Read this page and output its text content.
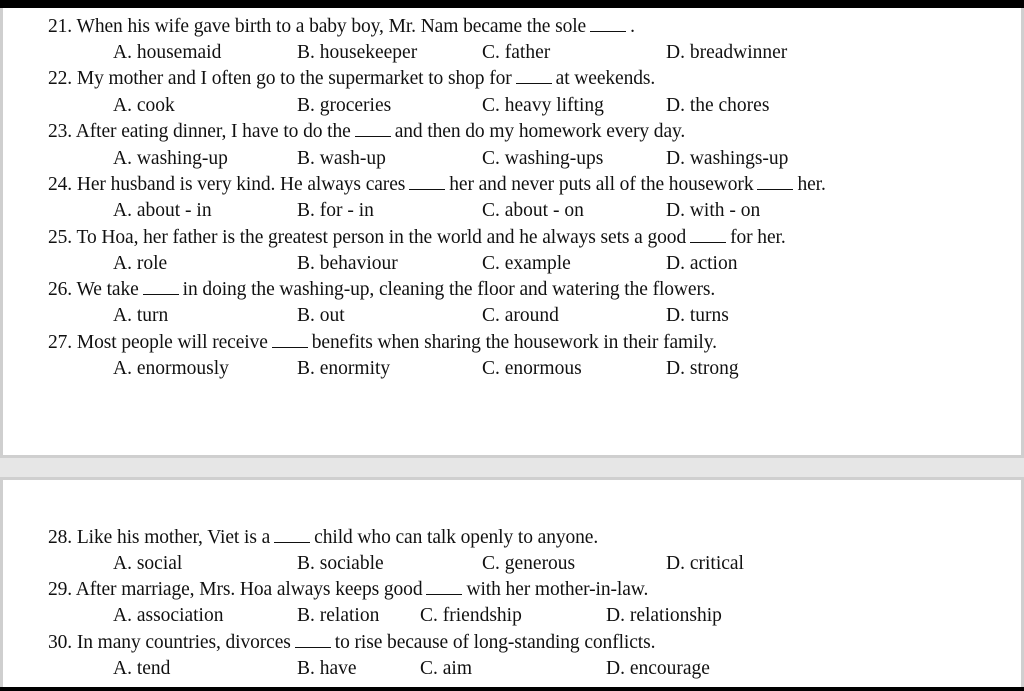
21. When his wife gave birth to a baby boy, Mr. Nam became the sole .
A. housemaid	B. housekeeper	C. father	D. breadwinner
22. My mother and I often go to the supermarket to shop for at weekends.
A. cook	B. groceries	C. heavy lifting	D. the chores
23. After eating dinner, I have to do the and then do my homework every day.
A. washing-up	B. wash-up	C. washing-ups	D. washings-up
24. Her husband is very kind. He always cares her and never puts all of the housework her.
A. about - in	B. for - in	C. about - on	D. with - on
25. To Hoa, her father is the greatest person in the world and he always sets a good for her.
A. role	B. behaviour	C. example	D. action
26. We take in doing the washing-up, cleaning the floor and watering the flowers.
A. turn	B. out	C. around	D. turns
27. Most people will receive benefits when sharing the housework in their family.
A. enormously	B. enormity	C. enormous	D. strong
28. Like his mother, Viet is a child who can talk openly to anyone.
A. social	B. sociable	C. generous	D. critical
29. After marriage, Mrs. Hoa always keeps good with her mother-in-law.
A. association	B. relation C. friendship	D. relationship
30. In many countries, divorces to rise because of long-standing conflicts.
A. tend	B. have	C. aim	D. encourage
